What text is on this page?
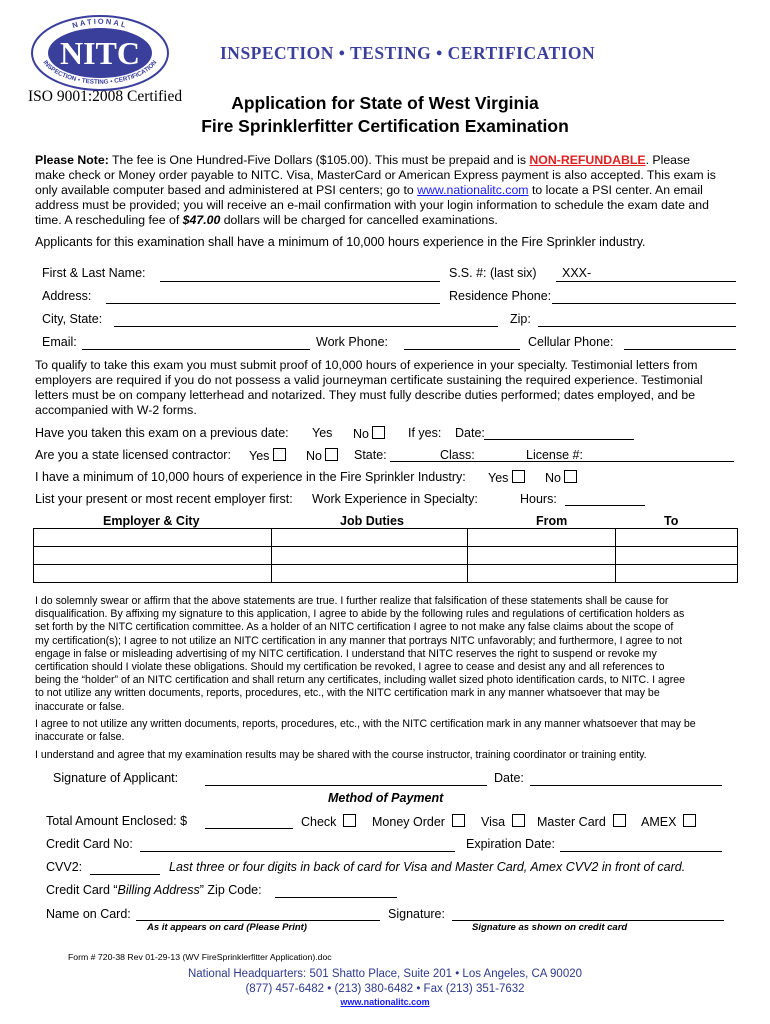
NATIONAL
INSPECTION • TESTING • CERTIFICATION
NITC	INSPECTION • TESTING • CERTIFICATION
ISO 9001:2008 Certified	Application for State of West Virginia
Fire Sprinklerfitter Certification Examination
Please Note: The fee is One Hundred-Five Dollars ($105.00). This must be prepaid and is NON-REFUNDABLE. Please
make check or Money order payable to NITC. Visa, MasterCard or American Express payment is also accepted. This exam is
only available computer based and administered at PSI centers; go to www.nationalitc.com to locate a PSI center. An email
address must be provided; you will receive an e-mail confirmation with your login information to schedule the exam date and
time. A rescheduling fee of $47.00 dollars will be charged for cancelled examinations.
Applicants for this examination shall have a minimum of 10,000 hours experience in the Fire Sprinkler industry.
First & Last Name:	S.S. #: (last six) XXX-
Address:	Residence Phone:
City, State:	Zip:
Email:	Work Phone:	Cellular Phone:
To qualify to take this exam you must submit proof of 10,000 hours of experience in your specialty. Testimonial letters from
employers are required if you do not possess a valid journeyman certificate sustaining the required experience. Testimonial
letters must be on company letterhead and notarized. They must fully describe duties performed; dates employed, and be
accompanied with W-2 forms.
Have you taken this exam on a previous date: Yes No	If yes: Date:
Are you a state licensed contractor: Yes	No	State:	Class:	License #:
I have a minimum of 10,000 hours of experience in the Fire Sprinkler Industry: Yes	No
List your present or most recent employer first: Work Experience in Specialty:	Hours:
Employer & City	Job Duties	From	To

I do solemnly swear or affirm that the above statements are true. I further realize that falsification of these statements shall be cause for
disqualification. By affixing my signature to this application, I agree to abide by the following rules and regulations of certification holders as
set forth by the NITC certification committee. As a holder of an NITC certification I agree to not make any false claims about the scope of
my certification(s); I agree to not utilize an NITC certification in any manner that portrays NITC unfavorably; and furthermore, I agree to not
engage in false or misleading advertising of my NITC certification. I understand that NITC reserves the right to suspend or revoke my
certification should I violate these obligations. Should my certification be revoked, I agree to cease and desist any and all references to
being the “holder” of an NITC certification and shall return any certificates, including wallet sized photo identification cards, to NITC. I agree
to not utilize any written documents, reports, procedures, etc., with the NITC certification mark in any manner whatsoever that may be
inaccurate or false.
I agree to not utilize any written documents, reports, procedures, etc., with the NITC certification mark in any manner whatsoever that may be
inaccurate or false.
I understand and agree that my examination results may be shared with the course instructor, training coordinator or training entity.
Signature of Applicant:	Date:
Method of Payment
Total Amount Enclosed: $	Check	Money Order	Visa	Master Card	AMEX
Credit Card No:	Expiration Date:
CVV2:	Last three or four digits in back of card for Visa and Master Card, Amex CVV2 in front of card.
Credit Card “Billing Address” Zip Code:
Name on Card:	Signature:
As it appears on card (Please Print)	Signature as shown on credit card
Form # 720-38 Rev 01-29-13 (WV FireSprinklerfitter Application).doc
National Headquarters: 501 Shatto Place, Suite 201 • Los Angeles, CA 90020
(877) 457-6482 • (213) 380-6482 • Fax (213) 351-7632
www.nationalitc.com
